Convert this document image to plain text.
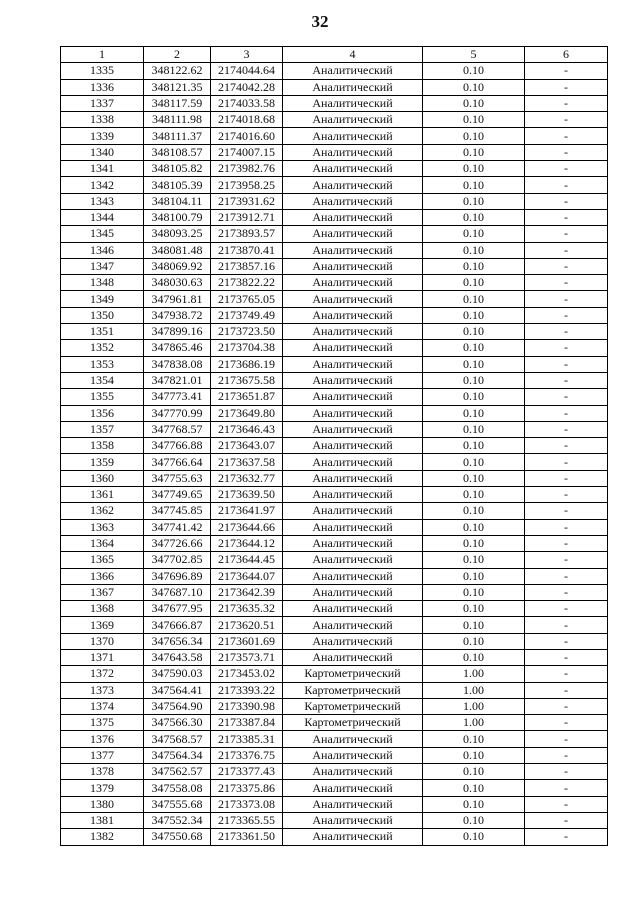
32
1	2	3	4	5	6
1335	348122.62	2174044.64	Аналитический	0.10	-
1336	348121.35	2174042.28	Аналитический	0.10	-
1337	348117.59	2174033.58	Аналитический	0.10	-
1338	348111.98	2174018.68	Аналитический	0.10	-
1339	348111.37	2174016.60	Аналитический	0.10	-
1340	348108.57	2174007.15	Аналитический	0.10	-
1341	348105.82	2173982.76	Аналитический	0.10	-
1342	348105.39	2173958.25	Аналитический	0.10	-
1343	348104.11	2173931.62	Аналитический	0.10	-
1344	348100.79	2173912.71	Аналитический	0.10	-
1345	348093.25	2173893.57	Аналитический	0.10	-
1346	348081.48	2173870.41	Аналитический	0.10	-
1347	348069.92	2173857.16	Аналитический	0.10	-
1348	348030.63	2173822.22	Аналитический	0.10	-
1349	347961.81	2173765.05	Аналитический	0.10	-
1350	347938.72	2173749.49	Аналитический	0.10	-
1351	347899.16	2173723.50	Аналитический	0.10	-
1352	347865.46	2173704.38	Аналитический	0.10	-
1353	347838.08	2173686.19	Аналитический	0.10	-
1354	347821.01	2173675.58	Аналитический	0.10	-
1355	347773.41	2173651.87	Аналитический	0.10	-
1356	347770.99	2173649.80	Аналитический	0.10	-
1357	347768.57	2173646.43	Аналитический	0.10	-
1358	347766.88	2173643.07	Аналитический	0.10	-
1359	347766.64	2173637.58	Аналитический	0.10	-
1360	347755.63	2173632.77	Аналитический	0.10	-
1361	347749.65	2173639.50	Аналитический	0.10	-
1362	347745.85	2173641.97	Аналитический	0.10	-
1363	347741.42	2173644.66	Аналитический	0.10	-
1364	347726.66	2173644.12	Аналитический	0.10	-
1365	347702.85	2173644.45	Аналитический	0.10	-
1366	347696.89	2173644.07	Аналитический	0.10	-
1367	347687.10	2173642.39	Аналитический	0.10	-
1368	347677.95	2173635.32	Аналитический	0.10	-
1369	347666.87	2173620.51	Аналитический	0.10	-
1370	347656.34	2173601.69	Аналитический	0.10	-
1371	347643.58	2173573.71	Аналитический	0.10	-
1372	347590.03	2173453.02	Картометрический	1.00	-
1373	347564.41	2173393.22	Картометрический	1.00	-
1374	347564.90	2173390.98	Картометрический	1.00	-
1375	347566.30	2173387.84	Картометрический	1.00	-
1376	347568.57	2173385.31	Аналитический	0.10	-
1377	347564.34	2173376.75	Аналитический	0.10	-
1378	347562.57	2173377.43	Аналитический	0.10	-
1379	347558.08	2173375.86	Аналитический	0.10	-
1380	347555.68	2173373.08	Аналитический	0.10	-
1381	347552.34	2173365.55	Аналитический	0.10	-
1382	347550.68	2173361.50	Аналитический	0.10	-
